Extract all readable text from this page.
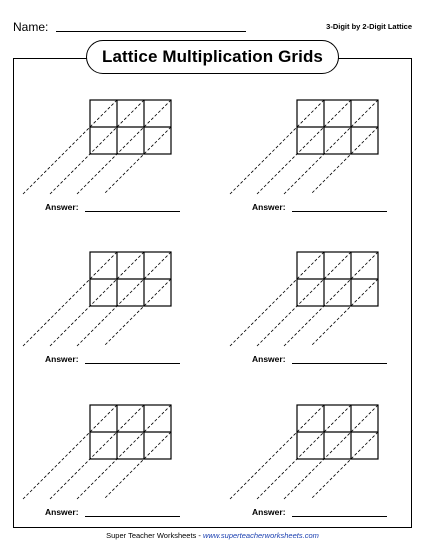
Name:	3-Digit by 2-Digit Lattice
Lattice Multiplication Grids
Answer:	Answer:
Answer:	Answer:
Answer:	Answer:
Super Teacher Worksheets - www.superteacherworksheets.com
